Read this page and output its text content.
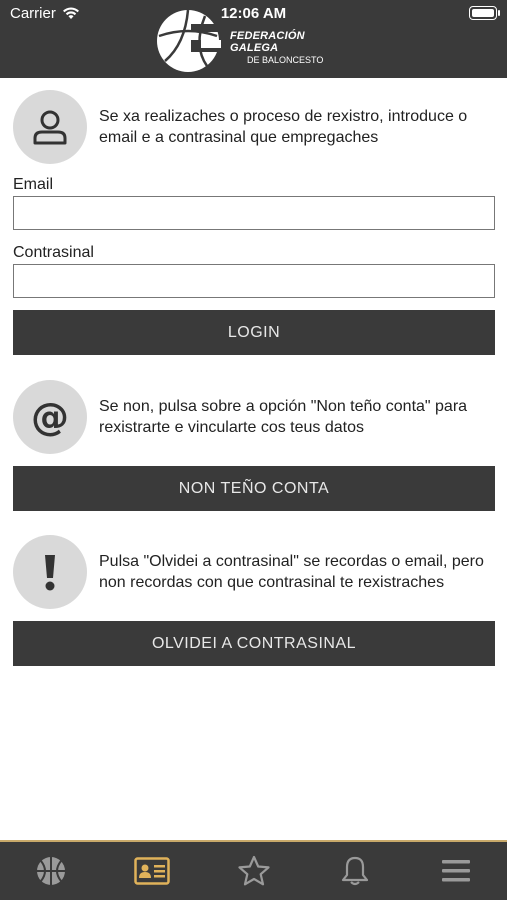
Carrier	12:06 AM
FEDERACIÓN GALEGA
DE BALONCESTO
Se xa realizaches o proceso de rexistro, introduce o email e a contrasinal que empregaches
Email
Contrasinal
LOGIN
@ Se non, pulsa sobre a opción "Non teño conta" para rexistrarte e vincularte cos teus datos
NON TEÑO CONTA
Pulsa "Olvidei a contrasinal" se recordas o email, pero non recordas con que contrasinal te rexistraches
OLVIDEI A CONTRASINAL
